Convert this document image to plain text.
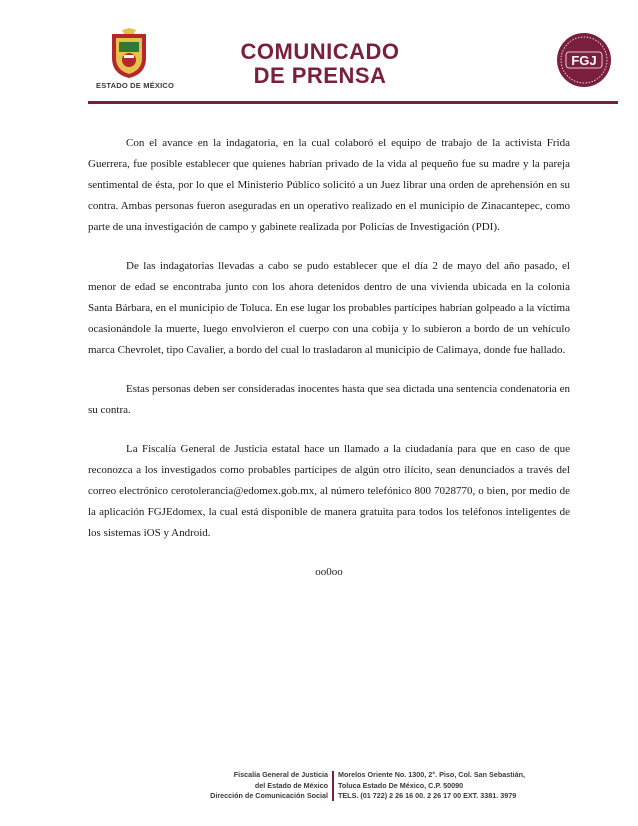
ESTADO DE MÉXICO
COMUNICADO
DE PRENSA
FGJ

Con el avance en la indagatoria, en la cual colaboró el equipo de trabajo de la activista Frida Guerrera, fue posible establecer que quienes habrían privado de la vida al pequeño fue su madre y la pareja sentimental de ésta, por lo que el Ministerio Público solicitó a un Juez librar una orden de aprehensión en su contra. Ambas personas fueron aseguradas en un operativo realizado en el municipio de Zinacantepec, como parte de una investigación de campo y gabinete realizada por Policías de Investigación (PDI).

De las indagatorias llevadas a cabo se pudo establecer que el día 2 de mayo del año pasado, el menor de edad se encontraba junto con los ahora detenidos dentro de una vivienda ubicada en la colonia Santa Bárbara, en el municipio de Toluca. En ese lugar los probables partícipes habrían golpeado a la víctima ocasionándole la muerte, luego envolvieron el cuerpo con una cobija y lo subieron a bordo de un vehículo marca Chevrolet, tipo Cavalier, a bordo del cual lo trasladaron al municipio de Calimaya, donde fue hallado.

Estas personas deben ser consideradas inocentes hasta que sea dictada una sentencia condenatoria en su contra.

La Fiscalía General de Justicia estatal hace un llamado a la ciudadanía para que en caso de que reconozca a los investigados como probables partícipes de algún otro ilícito, sean denunciados a través del correo electrónico cerotolerancia@edomex.gob.mx, al número telefónico 800 7028770, o bien, por medio de la aplicación FGJEdomex, la cual está disponible de manera gratuita para todos los teléfonos inteligentes de los sistemas iOS y Android.

oo0oo

Fiscalía General de Justicia
del Estado de México
Dirección de Comunicación Social
Morelos Oriente No. 1300, 2°. Piso, Col. San Sebastián,
Toluca Estado De México, C.P. 50090
TELS. (01 722) 2 26 16 00. 2 26 17 00 EXT. 3381. 3979
